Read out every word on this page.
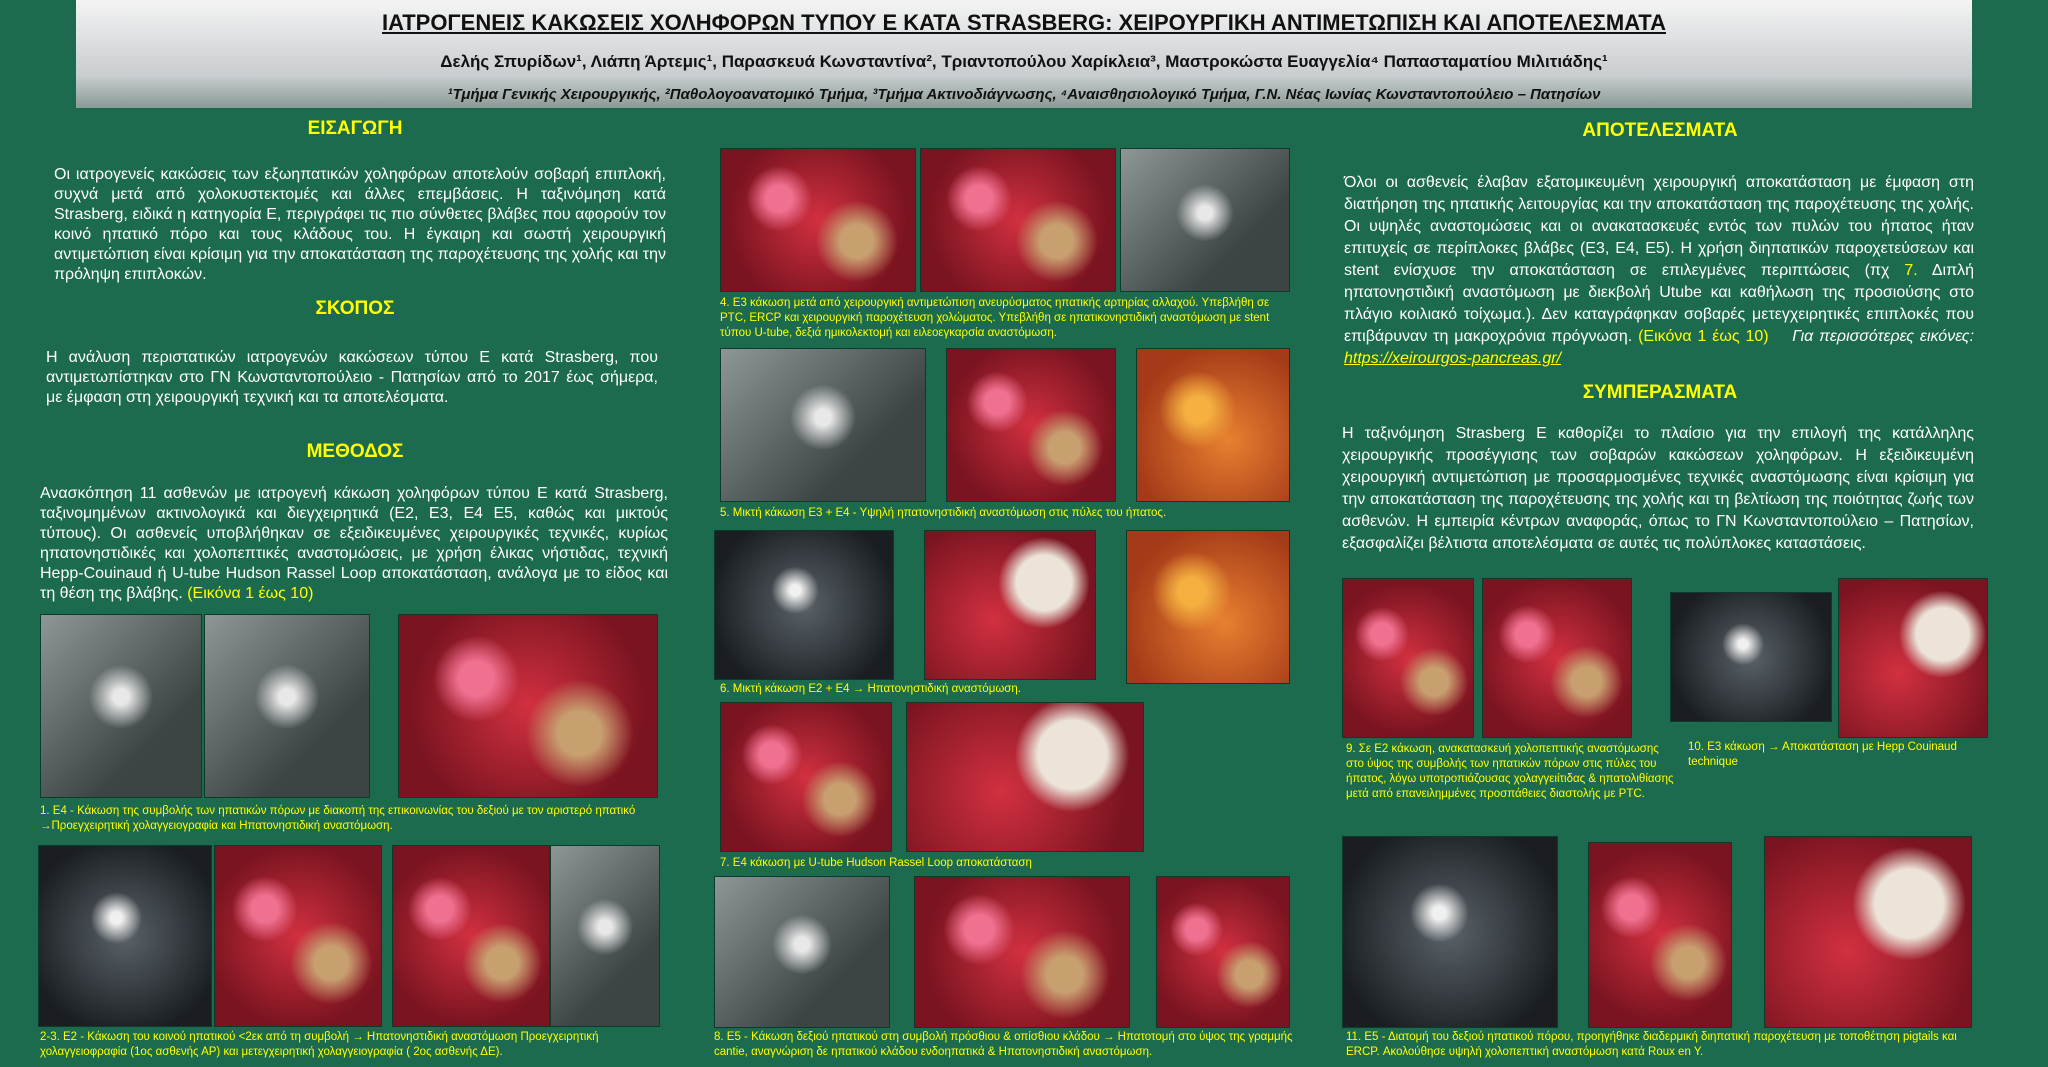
ΙΑΤΡΟΓΕΝΕΙΣ ΚΑΚΩΣΕΙΣ ΧΟΛΗΦΟΡΩΝ ΤΥΠΟΥ Ε ΚΑΤΑ STRASBERG: ΧΕΙΡΟΥΡΓΙΚΗ ΑΝΤΙΜΕΤΩΠΙΣΗ ΚΑΙ ΑΠΟΤΕΛΕΣΜΑΤΑ
Δελής Σπυρίδων¹, Λιάπη Άρτεμις¹, Παρασκευά Κωνσταντίνα², Τριαντοπούλου Χαρίκλεια³, Μαστροκώστα Ευαγγελία⁴ Παπασταματίου Μιλιτιάδης¹
¹Τμήμα Γενικής Χειρουργικής, ²Παθολογοανατομικό Τμήμα, ³Τμήμα Ακτινοδιάγνωσης, ⁴Αναισθησιολογικό Τμήμα, Γ.Ν. Νέας Ιωνίας Κωνσταντοπούλειο – Πατησίων
ΕΙΣΑΓΩΓΗ
Οι ιατρογενείς κακώσεις των εξωηπατικών χοληφόρων αποτελούν σοβαρή επιπλοκή, συχνά μετά από χολοκυστεκτομές και άλλες επεμβάσεις. Η ταξινόμηση κατά Strasberg, ειδικά η κατηγορία Ε, περιγράφει τις πιο σύνθετες βλάβες που αφορούν τον κοινό ηπατικό πόρο και τους κλάδους του. Η έγκαιρη και σωστή χειρουργική αντιμετώπιση είναι κρίσιμη για την αποκατάσταση της παροχέτευσης της χολής και την πρόληψη επιπλοκών.
ΣΚΟΠΟΣ
Η ανάλυση περιστατικών ιατρογενών κακώσεων τύπου Ε κατά Strasberg, που αντιμετωπίστηκαν στο ΓΝ Κωνσταντοπούλειο - Πατησίων από το 2017 έως σήμερα, με έμφαση στη χειρουργική τεχνική και τα αποτελέσματα.
ΜΕΘΟΔΟΣ
Ανασκόπηση 11 ασθενών με ιατρογενή κάκωση χοληφόρων τύπου Ε κατά Strasberg, ταξινομημένων ακτινολογικά και διεγχειρητικά (Ε2, Ε3, Ε4 Ε5, καθώς και μικτούς τύπους). Οι ασθενείς υποβλήθηκαν σε εξειδικευμένες χειρουργικές τεχνικές, κυρίως ηπατονηστιδικές και χολοπεπτικές αναστομώσεις, με χρήση έλικας νήστιδας, τεχνική Hepp-Couinaud ή U-tube Hudson Rassel Loop αποκατάσταση, ανάλογα με το είδος και τη θέση της βλάβης. (Εικόνα 1 έως 10)
1. Ε4 - Κάκωση της συμβολής των ηπατικών πόρων με διακοπή της επικοινωνίας του δεξιού με τον αριστερό ηπατικό →Προεγχειρητική χολαγγειογραφία και Ηπατονηστιδική αναστόμωση.
2-3. Ε2 - Κάκωση του κοινού ηπατικού <2εκ από τη συμβολή → Ηπατονηστιδική αναστόμωση Προεγχειρητική χολαγγειοφραφία (1ος ασθενής ΑΡ) και μετεγχειρητική χολαγγειογραφία ( 2ος ασθενής ΔΕ).
4. Ε3 κάκωση μετά από χειρουργική αντιμετώπιση ανευρύσματος ηπατικής αρτηρίας αλλαχού. Υπεβλήθη σε PTC, ERCP και χειρουργική παροχέτευση χολώματος. Υπεβλήθη σε ηπατικονηστιδική αναστόμωση με stent τύπου U-tube, δεξιά ημικολεκτομή και ειλεοεγκαρσία αναστόμωση.
5. Μικτή κάκωση Ε3 + Ε4 - Υψηλή ηπατονηστιδική αναστόμωση στις πύλες του ήπατος.
6. Μικτή κάκωση Ε2 + Ε4 → Ηπατονηστιδική αναστόμωση.
7. Ε4 κάκωση με U-tube Hudson Rassel Loop αποκατάσταση
8. Ε5 - Κάκωση δεξιού ηπατικού στη συμβολή πρόσθιου & οπίσθιου κλάδου → Ηπατοτομή στο ύψος της γραμμής cantie, αναγνώριση δε ηπατικού κλάδου ενδοηπατικά & Ηπατονηστιδική αναστόμωση.
ΑΠΟΤΕΛΕΣΜΑΤΑ
Όλοι οι ασθενείς έλαβαν εξατομικευμένη χειρουργική αποκατάσταση με έμφαση στη διατήρηση της ηπατικής λειτουργίας και την αποκατάσταση της παροχέτευσης της χολής. Οι υψηλές αναστομώσεις και οι ανακατασκευές εντός των πυλών του ήπατος ήταν επιτυχείς σε περίπλοκες βλάβες (Ε3, Ε4, Ε5). Η χρήση διηπατικών παροχετεύσεων και stent ενίσχυσε την αποκατάσταση σε επιλεγμένες περιπτώσεις (πχ 7. Διπλή ηπατονηστιδική αναστόμωση με διεκβολή Utube και καθήλωση της προσιούσης στο πλάγιο κοιλιακό τοίχωμα.). Δεν καταγράφηκαν σοβαρές μετεγχειρητικές επιπλοκές που επιβάρυναν τη μακροχρόνια πρόγνωση. (Εικόνα 1 έως 10) Για περισσότερες εικόνες: https://xeirourgos-pancreas.gr/
ΣΥΜΠΕΡΑΣΜΑΤΑ
Η ταξινόμηση Strasberg E καθορίζει το πλαίσιο για την επιλογή της κατάλληλης χειρουργικής προσέγγισης των σοβαρών κακώσεων χοληφόρων. Η εξειδικευμένη χειρουργική αντιμετώπιση με προσαρμοσμένες τεχνικές αναστόμωσης είναι κρίσιμη για την αποκατάσταση της παροχέτευσης της χολής και τη βελτίωση της ποιότητας ζωής των ασθενών. Η εμπειρία κέντρων αναφοράς, όπως το ΓΝ Κωνσταντοπούλειο – Πατησίων, εξασφαλίζει βέλτιστα αποτελέσματα σε αυτές τις πολύπλοκες καταστάσεις.
9. Σε Ε2 κάκωση, ανακατασκευή χολοπεπτικής αναστόμωσης στο ύψος της συμβολής των ηπατικών πόρων στις πύλες του ήπατος, λόγω υποτροπιάζουσας χολαγγειίτιδας & ηπατολιθίασης μετά από επανειλημμένες προσπάθειες διαστολής με PTC.
10. Ε3 κάκωση → Αποκατάσταση με Hepp Couinaud technique
11. Ε5 - Διατομή του δεξιού ηπατικού πόρου, προηγήθηκε διαδερμική διηπατική παροχέτευση με τοποθέτηση pigtails και ERCP. Ακολούθησε υψηλή χολοπεπτική αναστόμωση κατά Roux en Y.
